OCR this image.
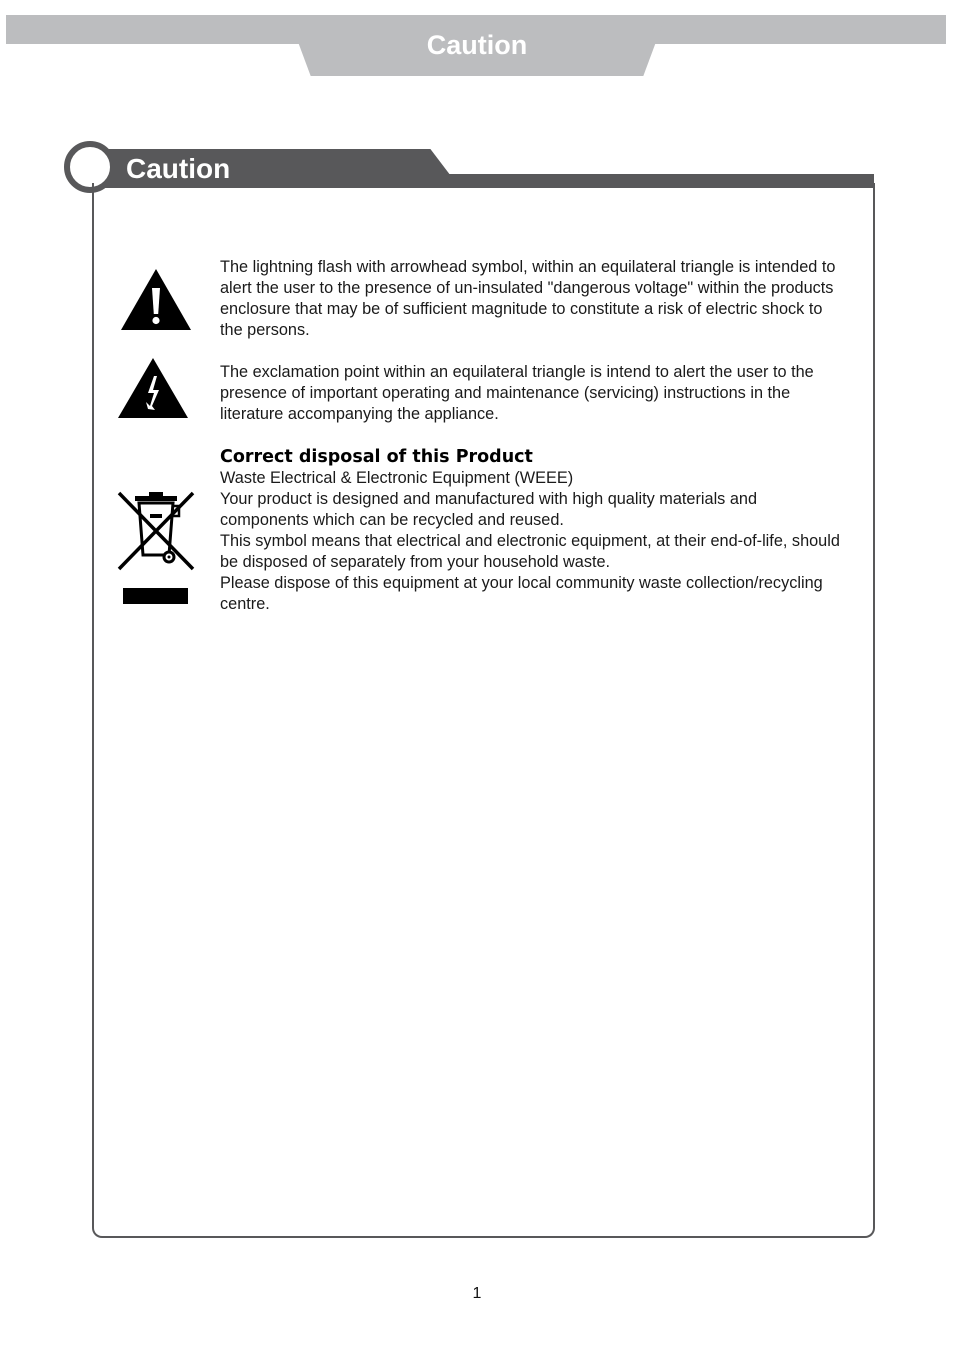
Caution
Caution

The lightning flash with arrowhead symbol, within an equilateral triangle is intended to alert the user to the presence of un-insulated "dangerous voltage" within the products enclosure that may be of sufficient magnitude to constitute a risk of electric shock to the persons.

The exclamation point within an equilateral triangle is intend to alert the user to the presence of important operating and maintenance (servicing) instructions in the literature accompanying the appliance.

Correct disposal of this Product

Waste Electrical & Electronic Equipment (WEEE)

Your product is designed and manufactured with high quality materials and components which can be recycled and reused.

This symbol means that electrical and electronic equipment, at their end-of-life, should be disposed of separately from your household waste.

Please dispose of this equipment at your local community waste collection/recycling centre.

1
